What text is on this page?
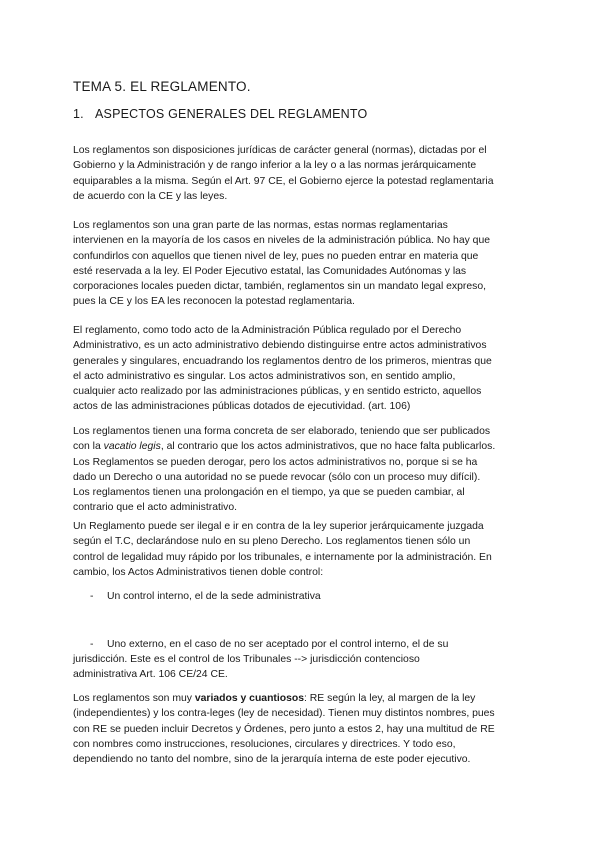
TEMA 5. EL REGLAMENTO.
1. ASPECTOS GENERALES DEL REGLAMENTO

Los reglamentos son disposiciones jurídicas de carácter general (normas), dictadas por el
Gobierno y la Administración y de rango inferior a la ley o a las normas jerárquicamente
equiparables a la misma. Según el Art. 97 CE, el Gobierno ejerce la potestad reglamentaria
de acuerdo con la CE y las leyes.

Los reglamentos son una gran parte de las normas, estas normas reglamentarias
intervienen en la mayoría de los casos en niveles de la administración pública. No hay que
confundirlos con aquellos que tienen nivel de ley, pues no pueden entrar en materia que
esté reservada a la ley. El Poder Ejecutivo estatal, las Comunidades Autónomas y las
corporaciones locales pueden dictar, también, reglamentos sin un mandato legal expreso,
pues la CE y los EA les reconocen la potestad reglamentaria.

El reglamento, como todo acto de la Administración Pública regulado por el Derecho
Administrativo, es un acto administrativo debiendo distinguirse entre actos administrativos
generales y singulares, encuadrando los reglamentos dentro de los primeros, mientras que
el acto administrativo es singular. Los actos administrativos son, en sentido amplio,
cualquier acto realizado por las administraciones públicas, y en sentido estricto, aquellos
actos de las administraciones públicas dotados de ejecutividad. (art. 106)

Los reglamentos tienen una forma concreta de ser elaborado, teniendo que ser publicados
con la vacatio legis, al contrario que los actos administrativos, que no hace falta publicarlos.
Los Reglamentos se pueden derogar, pero los actos administrativos no, porque si se ha
dado un Derecho o una autoridad no se puede revocar (sólo con un proceso muy difícil).
Los reglamentos tienen una prolongación en el tiempo, ya que se pueden cambiar, al
contrario que el acto administrativo.

Un Reglamento puede ser ilegal e ir en contra de la ley superior jerárquicamente juzgada
según el T.C, declarándose nulo en su pleno Derecho. Los reglamentos tienen sólo un
control de legalidad muy rápido por los tribunales, e internamente por la administración. En
cambio, los Actos Administrativos tienen doble control:

- Un control interno, el de la sede administrativa

- Uno externo, en el caso de no ser aceptado por el control interno, el de su

jurisdicción. Este es el control de los Tribunales --> jurisdicción contencioso
administrativa Art. 106 CE/24 CE.

Los reglamentos son muy variados y cuantiosos: RE según la ley, al margen de la ley
(independientes) y los contra-leges (ley de necesidad). Tienen muy distintos nombres, pues
con RE se pueden incluir Decretos y Órdenes, pero junto a estos 2, hay una multitud de RE
con nombres como instrucciones, resoluciones, circulares y directrices. Y todo eso,
dependiendo no tanto del nombre, sino de la jerarquía interna de este poder ejecutivo.
